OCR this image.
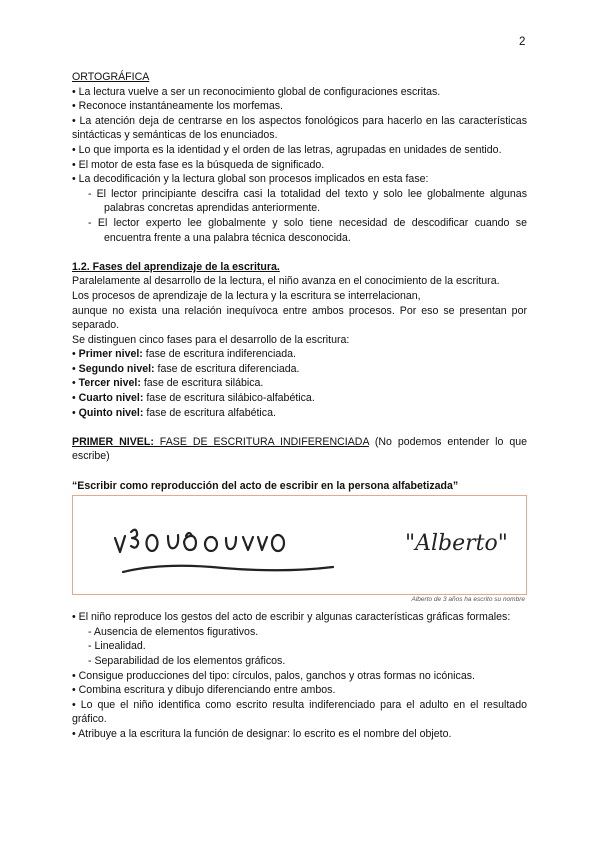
2

ORTOGRÁFICA

• La lectura vuelve a ser un reconocimiento global de configuraciones escritas.

• Reconoce instantáneamente los morfemas.

• La atención deja de centrarse en los aspectos fonológicos para hacerlo en las características sintácticas y semánticas de los enunciados.

• Lo que importa es la identidad y el orden de las letras, agrupadas en unidades de sentido.

• El motor de esta fase es la búsqueda de significado.

• La decodificación y la lectura global son procesos implicados en esta fase:

- El lector principiante descifra casi la totalidad del texto y solo lee globalmente algunas palabras concretas aprendidas anteriormente.

- El lector experto lee globalmente y solo tiene necesidad de descodificar cuando se encuentra frente a una palabra técnica desconocida.

1.2. Fases del aprendizaje de la escritura.

Paralelamente al desarrollo de la lectura, el niño avanza en el conocimiento de la escritura.

Los procesos de aprendizaje de la lectura y la escritura se interrelacionan,

aunque no exista una relación inequívoca entre ambos procesos. Por eso se presentan por separado.

Se distinguen cinco fases para el desarrollo de la escritura:

• Primer nivel: fase de escritura indiferenciada.

• Segundo nivel: fase de escritura diferenciada.

• Tercer nivel: fase de escritura silábica.

• Cuarto nivel: fase de escritura silábico-alfabética.

• Quinto nivel: fase de escritura alfabética.

PRIMER NIVEL: FASE DE ESCRITURA INDIFERENCIADA (No podemos entender lo que escribe)

“Escribir como reproducción del acto de escribir en la persona alfabetizada”

"Alberto"
Alberto de 3 años ha escrito su nombre

• El niño reproduce los gestos del acto de escribir y algunas características gráficas formales:

- Ausencia de elementos figurativos.

- Linealidad.

- Separabilidad de los elementos gráficos.

• Consigue producciones del tipo: círculos, palos, ganchos y otras formas no icónicas.

• Combina escritura y dibujo diferenciando entre ambos.

• Lo que el niño identifica como escrito resulta indiferenciado para el adulto en el resultado gráfico.

• Atribuye a la escritura la función de designar: lo escrito es el nombre del objeto.
